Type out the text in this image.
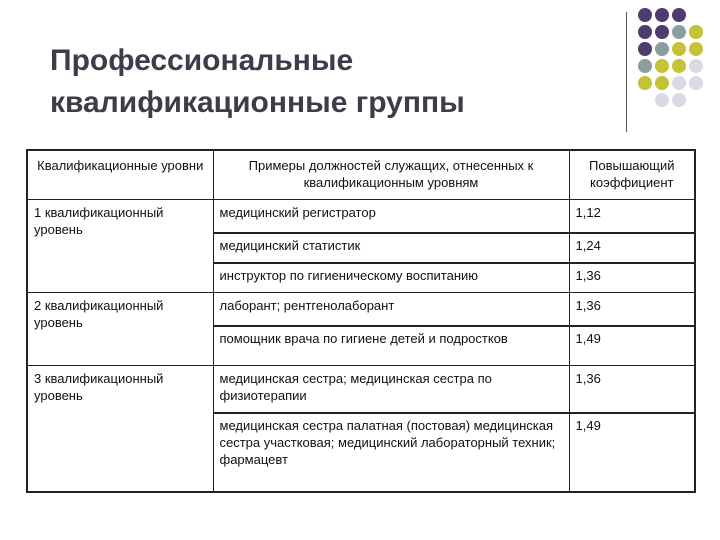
Профессиональные
квалификационные группы
Квалификационные уровни	Примеры должностей служащих, отнесенных к квалификационным уровням	Повышающий коэффициент
1 квалификационный уровень	медицинский регистратор	1,12
	медицинский статистик	1,24
	инструктор по гигиеническому воспитанию	1,36
2 квалификационный уровень	лаборант; рентгенолаборант	1,36
	помощник врача по гигиене детей и подростков	1,49
3 квалификационный уровень	медицинская сестра; медицинская сестра по физиотерапии	1,36
	медицинская сестра палатная (постовая) медицинская сестра участковая; медицинский лабораторный техник; фармацевт	1,49
